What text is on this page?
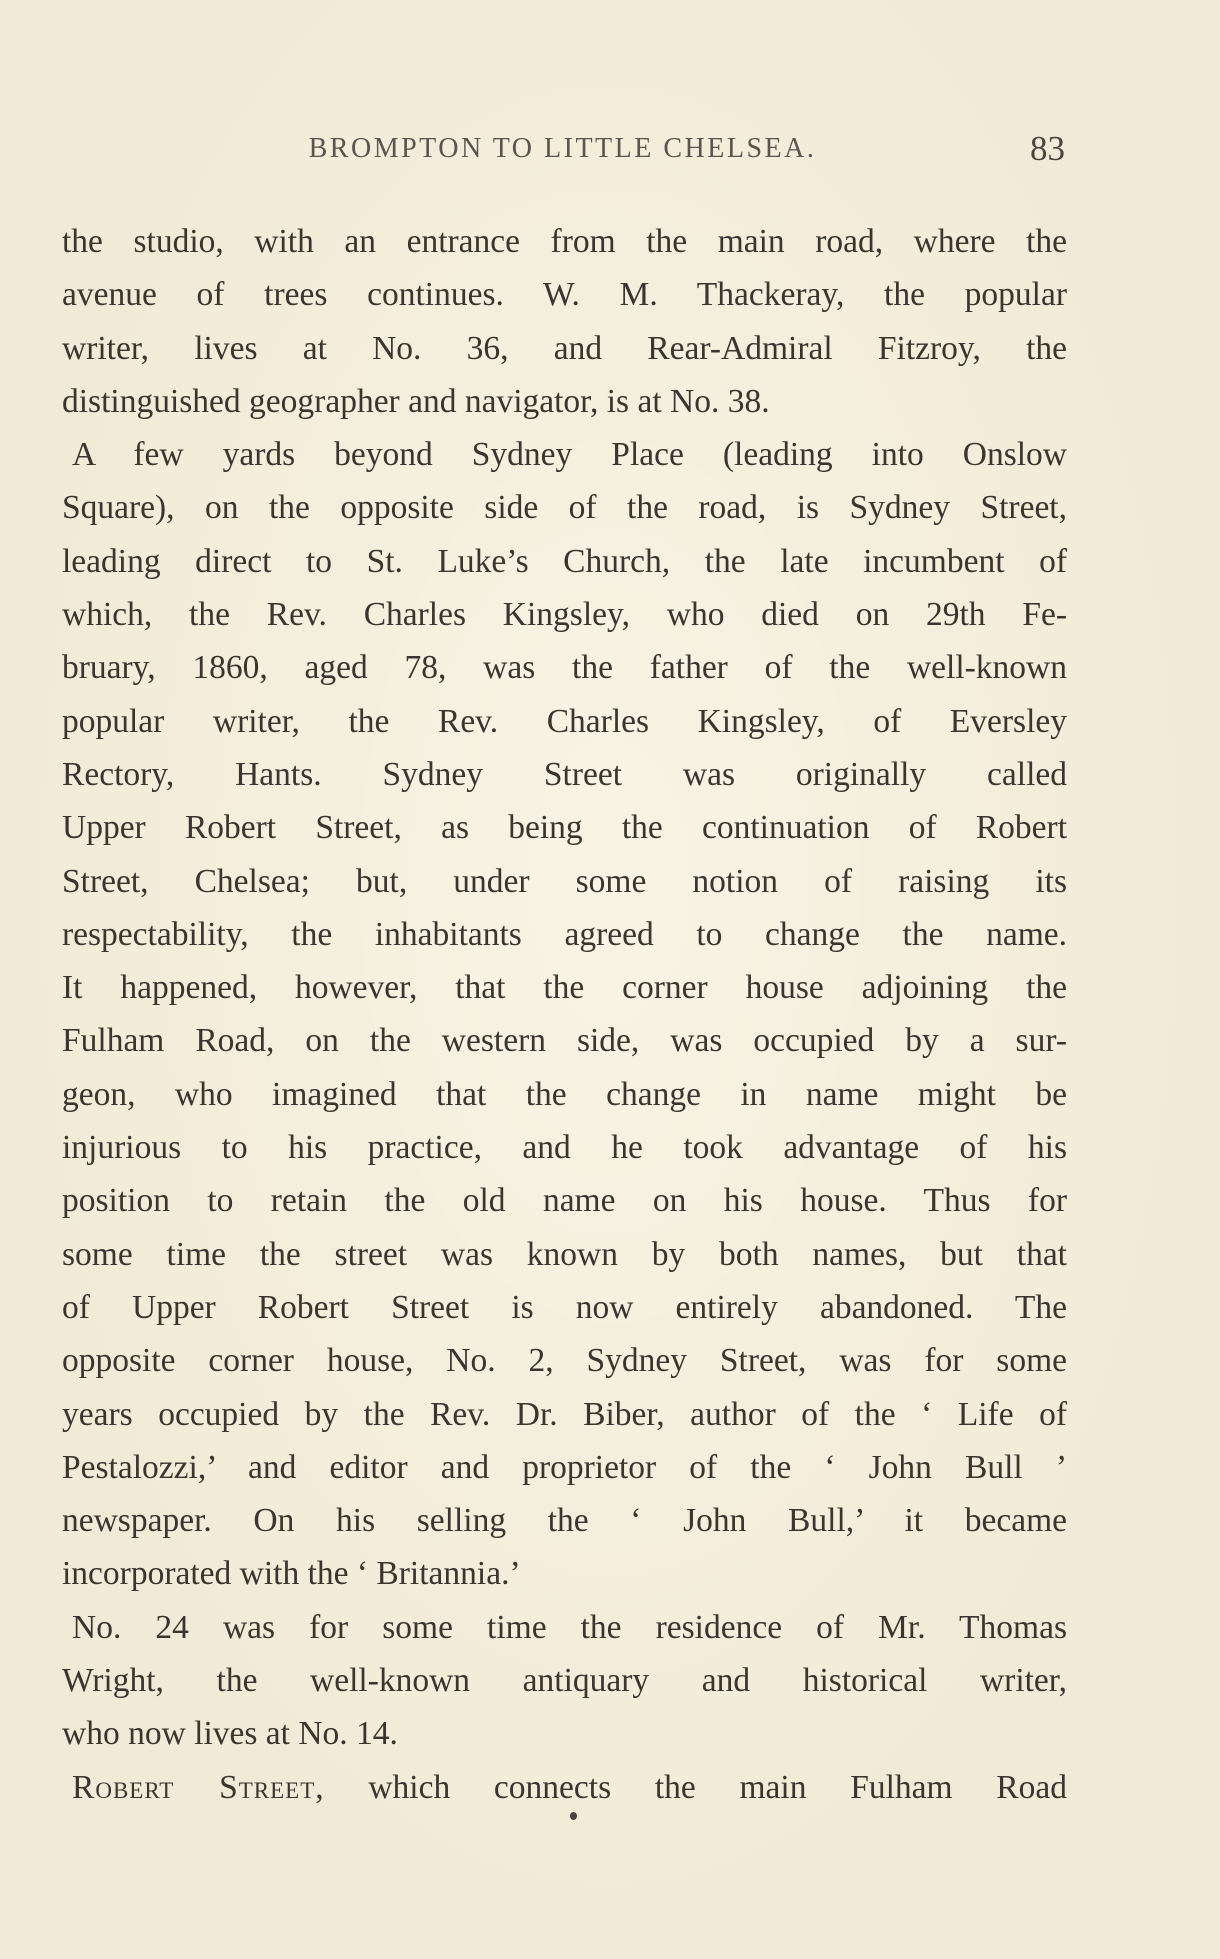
BROMPTON TO LITTLE CHELSEA.	83
the studio, with an entrance from the main road, where the
avenue of trees continues. W. M. Thackeray, the popular
writer, lives at No. 36, and Rear-Admiral Fitzroy, the
distinguished geographer and navigator, is at No. 38.
A few yards beyond Sydney Place (leading into Onslow
Square), on the opposite side of the road, is Sydney Street,
leading direct to St. Luke’s Church, the late incumbent of
which, the Rev. Charles Kingsley, who died on 29th Fe-
bruary, 1860, aged 78, was the father of the well-known
popular writer, the Rev. Charles Kingsley, of Eversley
Rectory, Hants. Sydney Street was originally called
Upper Robert Street, as being the continuation of Robert
Street, Chelsea; but, under some notion of raising its
respectability, the inhabitants agreed to change the name.
It happened, however, that the corner house adjoining the
Fulham Road, on the western side, was occupied by a sur-
geon, who imagined that the change in name might be
injurious to his practice, and he took advantage of his
position to retain the old name on his house. Thus for
some time the street was known by both names, but that
of Upper Robert Street is now entirely abandoned. The
opposite corner house, No. 2, Sydney Street, was for some
years occupied by the Rev. Dr. Biber, author of the ‘ Life of
Pestalozzi,’ and editor and proprietor of the ‘ John Bull ’
newspaper. On his selling the ‘ John Bull,’ it became
incorporated with the ‘ Britannia.’
No. 24 was for some time the residence of Mr. Thomas
Wright, the well-known antiquary and historical writer,
who now lives at No. 14.
Robert Street, which connects the main Fulham Road
